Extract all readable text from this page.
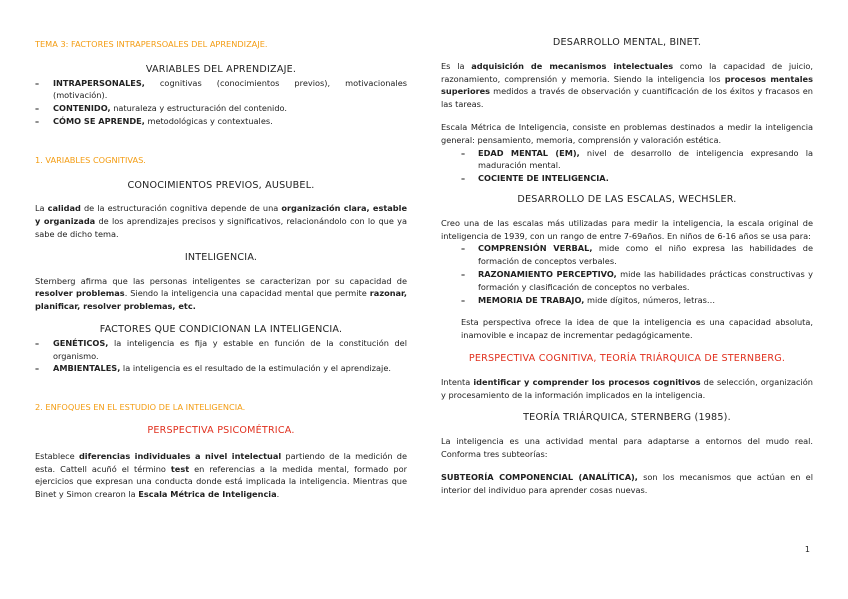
TEMA 3: FACTORES INTRAPERSOALES DEL APRENDIZAJE.
VARIABLES DEL APRENDIZAJE.
– INTRAPERSONALES, cognitivas (conocimientos previos), motivacionales (motivación).
– CONTENIDO, naturaleza y estructuración del contenido.
– CÓMO SE APRENDE, metodológicas y contextuales.
1. VARIABLES COGNITIVAS.
CONOCIMIENTOS PREVIOS, AUSUBEL.
La calidad de la estructuración cognitiva depende de una organización clara, estable y organizada de los aprendizajes precisos y significativos, relacionándolo con lo que ya sabe de dicho tema.
INTELIGENCIA.
Sternberg afirma que las personas inteligentes se caracterizan por su capacidad de resolver problemas. Siendo la inteligencia una capacidad mental que permite razonar, planificar, resolver problemas, etc.
FACTORES QUE CONDICIONAN LA INTELIGENCIA.
– GENÉTICOS, la inteligencia es fija y estable en función de la constitución del organismo.
– AMBIENTALES, la inteligencia es el resultado de la estimulación y el aprendizaje.
2. ENFOQUES EN EL ESTUDIO DE LA INTELIGENCIA.
PERSPECTIVA PSICOMÉTRICA.
Establece diferencias individuales a nivel intelectual partiendo de la medición de esta. Cattell acuñó el término test en referencias a la medida mental, formado por ejercicios que expresan una conducta donde está implicada la inteligencia. Mientras que Binet y Simon crearon la Escala Métrica de Inteligencia.
DESARROLLO MENTAL, BINET.
Es la adquisición de mecanismos intelectuales como la capacidad de juicio, razonamiento, comprensión y memoria. Siendo la inteligencia los procesos mentales superiores medidos a través de observación y cuantificación de los éxitos y fracasos en las tareas.
Escala Métrica de Inteligencia, consiste en problemas destinados a medir la inteligencia general: pensamiento, memoria, comprensión y valoración estética.
– EDAD MENTAL (EM), nivel de desarrollo de inteligencia expresando la maduración mental.
– COCIENTE DE INTELIGENCIA.
DESARROLLO DE LAS ESCALAS, WECHSLER.
Creo una de las escalas más utilizadas para medir la inteligencia, la escala original de inteligencia de 1939, con un rango de entre 7-69años. En niños de 6-16 años se usa para:
– COMPRENSIÓN VERBAL, mide como el niño expresa las habilidades de formación de conceptos verbales.
– RAZONAMIENTO PERCEPTIVO, mide las habilidades prácticas constructivas y formación y clasificación de conceptos no verbales.
– MEMORIA DE TRABAJO, mide dígitos, números, letras…
Esta perspectiva ofrece la idea de que la inteligencia es una capacidad absoluta, inamovible e incapaz de incrementar pedagógicamente.
PERSPECTIVA COGNITIVA, TEORÍA TRIÁRQUICA DE STERNBERG.
Intenta identificar y comprender los procesos cognitivos de selección, organización y procesamiento de la información implicados en la inteligencia.
TEORÍA TRIÁRQUICA, STERNBERG (1985).
La inteligencia es una actividad mental para adaptarse a entornos del mudo real. Conforma tres subteorías:
SUBTEORÍA COMPONENCIAL (ANALÍTICA), son los mecanismos que actúan en el interior del individuo para aprender cosas nuevas.
1
